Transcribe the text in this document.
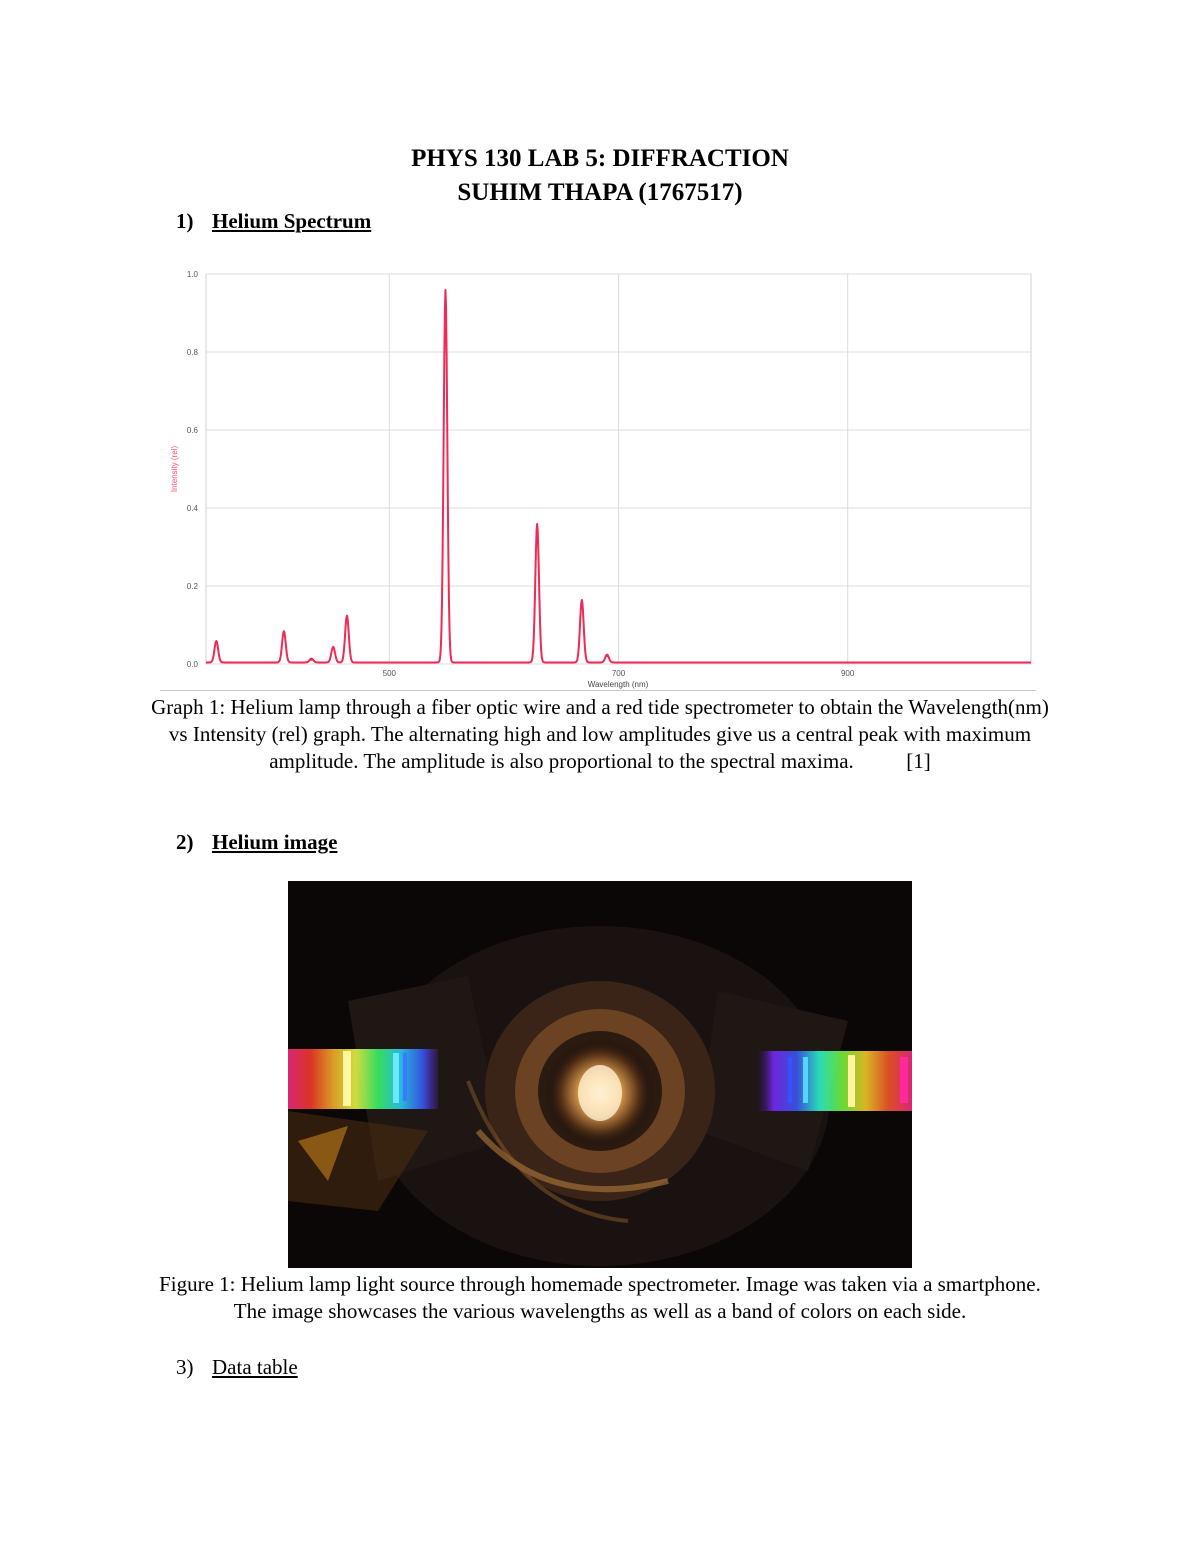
PHYS 130 LAB 5: DIFFRACTION
SUHIM THAPA (1767517)
1) Helium Spectrum
0.0
0.2
0.4
0.6
0.8
1.0
500	700	900
Wavelength (nm)
Intensity (rel)
Graph 1: Helium lamp through a fiber optic wire and a red tide spectrometer to obtain the Wavelength(nm) vs Intensity (rel) graph. The alternating high and low amplitudes give us a central peak with maximum amplitude. The amplitude is also proportional to the spectral maxima.          [1]
2) Helium image
Figure 1: Helium lamp light source through homemade spectrometer. Image was taken via a smartphone. The image showcases the various wavelengths as well as a band of colors on each side.
3) Data table
